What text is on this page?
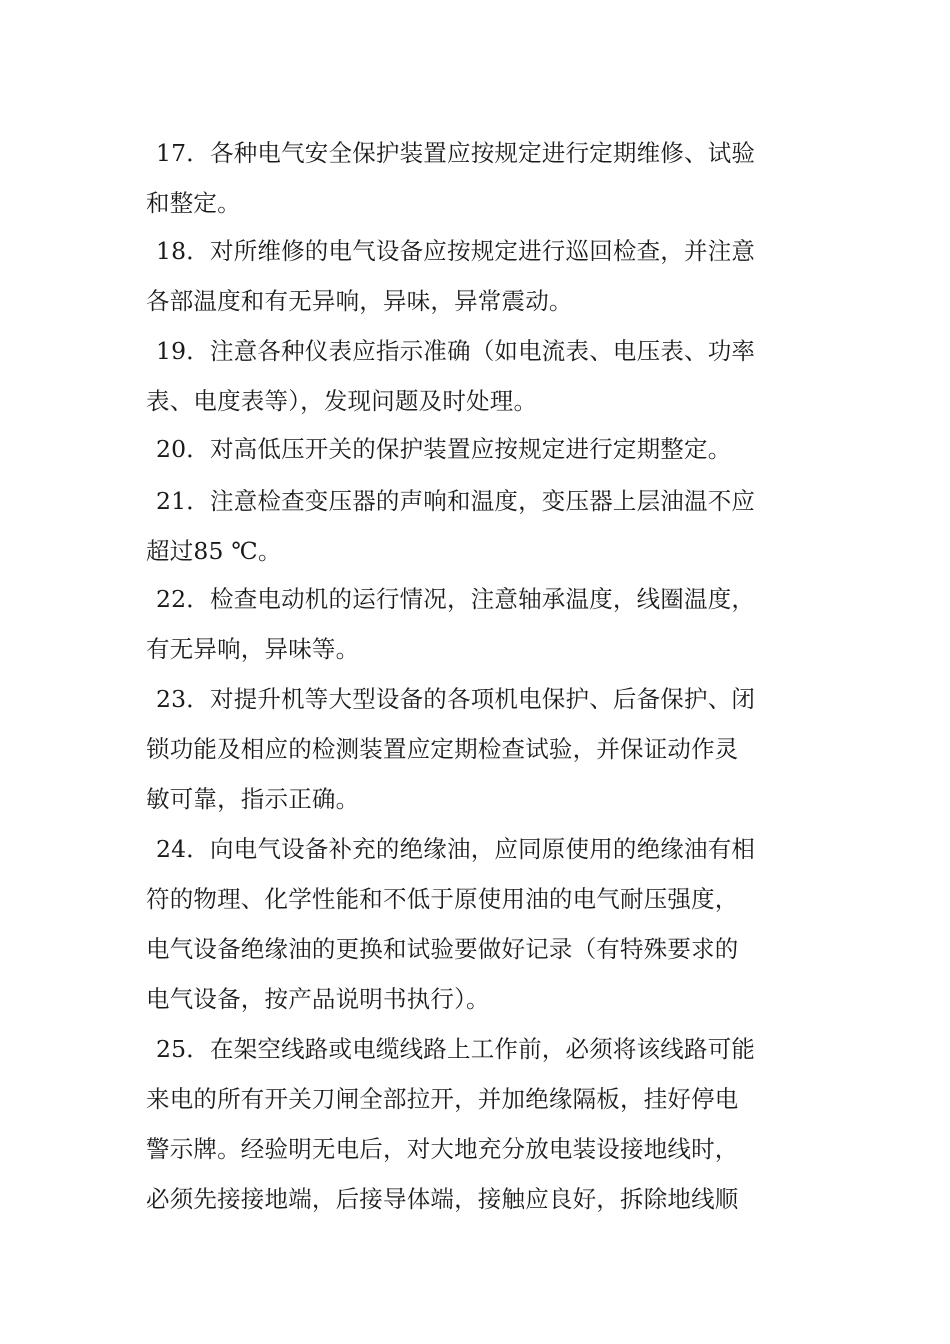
17．各种电气安全保护装置应按规定进行定期维修、试验
和整定。
18．对所维修的电气设备应按规定进行巡回检查，并注意
各部温度和有无异响，异味，异常震动。
19．注意各种仪表应指示准确（如电流表、电压表、功率
表、电度表等），发现问题及时处理。
20．对高低压开关的保护装置应按规定进行定期整定。
21．注意检查变压器的声响和温度，变压器上层油温不应
超过85 ℃。
22．检查电动机的运行情况，注意轴承温度，线圈温度，
有无异响，异味等。
23．对提升机等大型设备的各项机电保护、后备保护、闭
锁功能及相应的检测装置应定期检查试验，并保证动作灵
敏可靠，指示正确。
24．向电气设备补充的绝缘油，应同原使用的绝缘油有相
符的物理、化学性能和不低于原使用油的电气耐压强度，
电气设备绝缘油的更换和试验要做好记录（有特殊要求的
电气设备，按产品说明书执行）。
25．在架空线路或电缆线路上工作前，必须将该线路可能
来电的所有开关刀闸全部拉开，并加绝缘隔板，挂好停电
警示牌。经验明无电后，对大地充分放电装设接地线时，
必须先接接地端，后接导体端，接触应良好，拆除地线顺
